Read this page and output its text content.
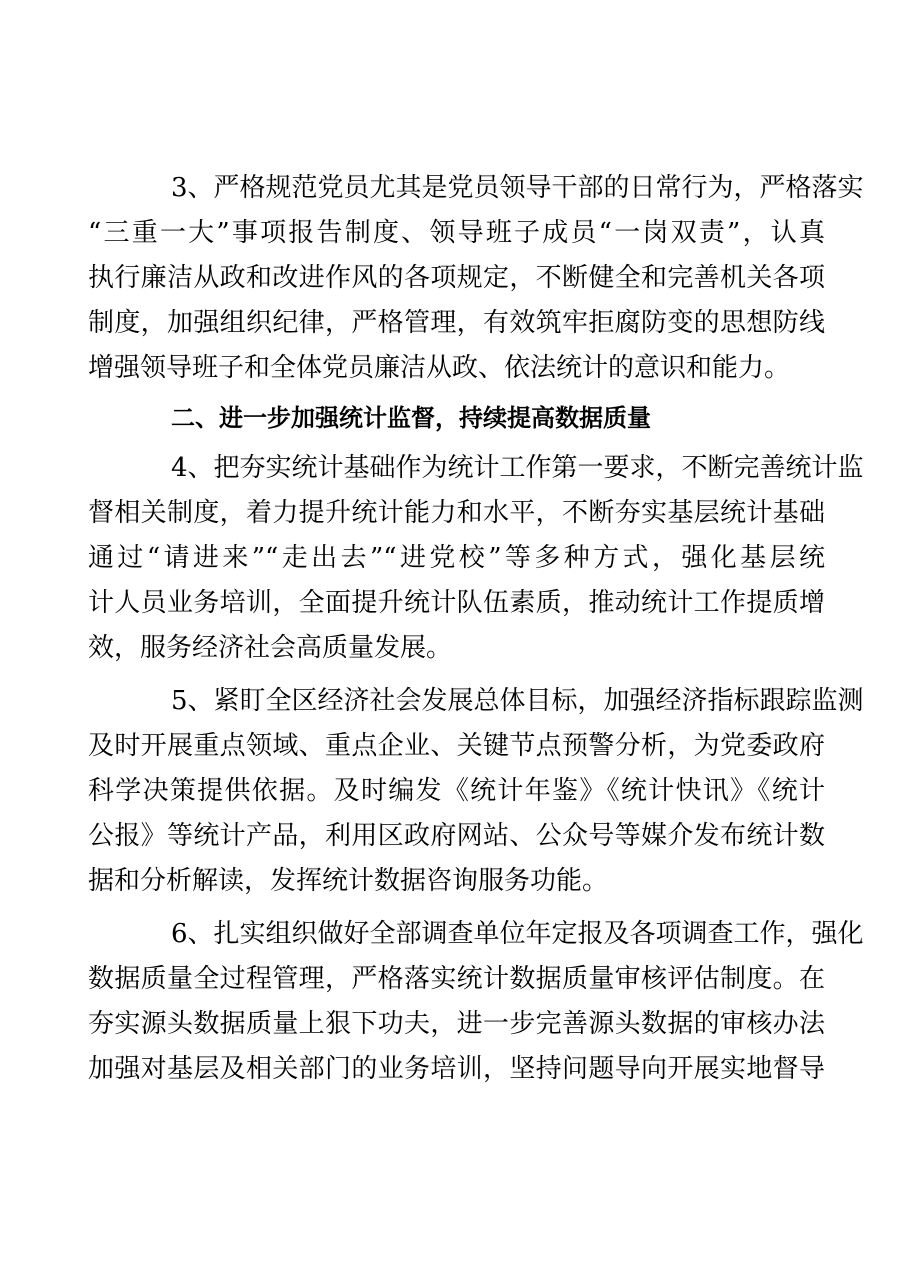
3、严格规范党员尤其是党员领导干部的日常行为，严格落实
“三重一大”事项报告制度、领导班子成员“一岗双责”，认真
执行廉洁从政和改进作风的各项规定，不断健全和完善机关各项
制度，加强组织纪律，严格管理，有效筑牢拒腐防变的思想防线
增强领导班子和全体党员廉洁从政、依法统计的意识和能力。
二、进一步加强统计监督，持续提高数据质量
4、把夯实统计基础作为统计工作第一要求，不断完善统计监
督相关制度，着力提升统计能力和水平，不断夯实基层统计基础
通过“请进来”“走出去”“进党校”等多种方式，强化基层统
计人员业务培训，全面提升统计队伍素质，推动统计工作提质增
效，服务经济社会高质量发展。
5、紧盯全区经济社会发展总体目标，加强经济指标跟踪监测
及时开展重点领域、重点企业、关键节点预警分析，为党委政府
科学决策提供依据。及时编发《统计年鉴》《统计快讯》《统计
公报》等统计产品，利用区政府网站、公众号等媒介发布统计数
据和分析解读，发挥统计数据咨询服务功能。
6、扎实组织做好全部调查单位年定报及各项调查工作，强化
数据质量全过程管理，严格落实统计数据质量审核评估制度。在
夯实源头数据质量上狠下功夫，进一步完善源头数据的审核办法
加强对基层及相关部门的业务培训，坚持问题导向开展实地督导
